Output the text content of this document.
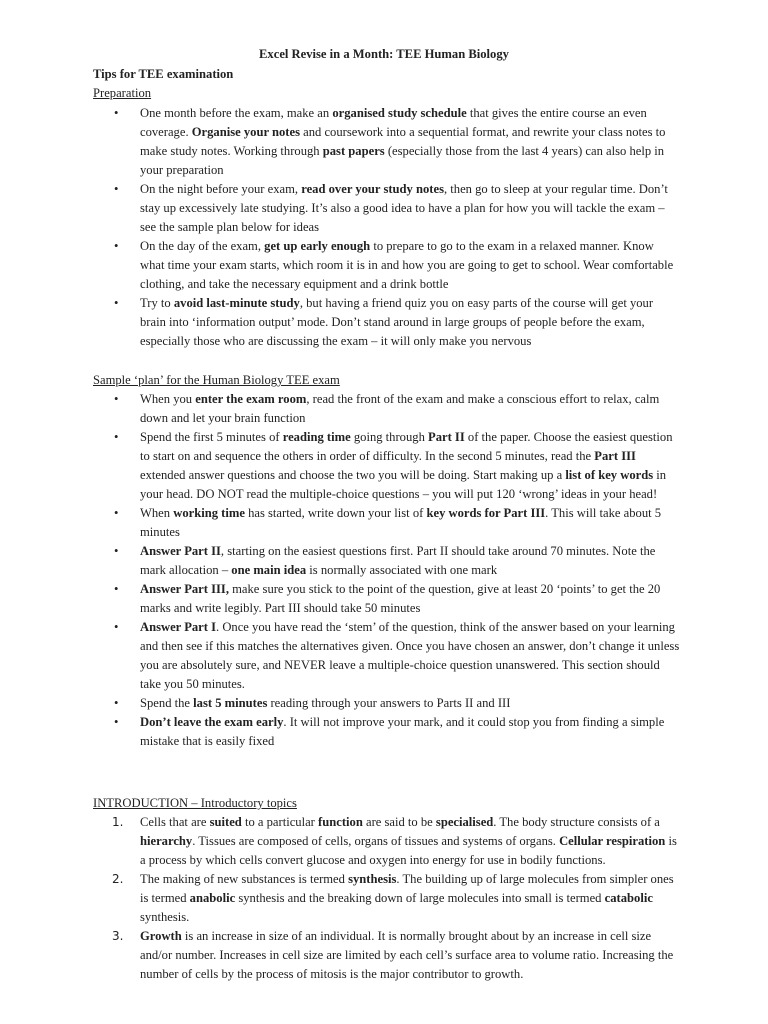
Excel Revise in a Month: TEE Human Biology
Tips for TEE examination
Preparation
• One month before the exam, make an organised study schedule that gives the entire course an even coverage. Organise your notes and coursework into a sequential format, and rewrite your class notes to make study notes. Working through past papers (especially those from the last 4 years) can also help in your preparation
• On the night before your exam, read over your study notes, then go to sleep at your regular time. Don’t stay up excessively late studying. It’s also a good idea to have a plan for how you will tackle the exam – see the sample plan below for ideas
• On the day of the exam, get up early enough to prepare to go to the exam in a relaxed manner. Know what time your exam starts, which room it is in and how you are going to get to school. Wear comfortable clothing, and take the necessary equipment and a drink bottle
• Try to avoid last-minute study, but having a friend quiz you on easy parts of the course will get your brain into ‘information output’ mode. Don’t stand around in large groups of people before the exam, especially those who are discussing the exam – it will only make you nervous
Sample ‘plan’ for the Human Biology TEE exam
• When you enter the exam room, read the front of the exam and make a conscious effort to relax, calm down and let your brain function
• Spend the first 5 minutes of reading time going through Part II of the paper. Choose the easiest question to start on and sequence the others in order of difficulty. In the second 5 minutes, read the Part III extended answer questions and choose the two you will be doing. Start making up a list of key words in your head. DO NOT read the multiple-choice questions – you will put 120 ‘wrong’ ideas in your head!
• When working time has started, write down your list of key words for Part III. This will take about 5 minutes
• Answer Part II, starting on the easiest questions first. Part II should take around 70 minutes. Note the mark allocation – one main idea is normally associated with one mark
• Answer Part III, make sure you stick to the point of the question, give at least 20 ‘points’ to get the 20 marks and write legibly. Part III should take 50 minutes
• Answer Part I. Once you have read the ‘stem’ of the question, think of the answer based on your learning and then see if this matches the alternatives given. Once you have chosen an answer, don’t change it unless you are absolutely sure, and NEVER leave a multiple-choice question unanswered. This section should take you 50 minutes.
• Spend the last 5 minutes reading through your answers to Parts II and III
• Don’t leave the exam early. It will not improve your mark, and it could stop you from finding a simple mistake that is easily fixed
INTRODUCTION – Introductory topics
1. Cells that are suited to a particular function are said to be specialised. The body structure consists of a hierarchy. Tissues are composed of cells, organs of tissues and systems of organs. Cellular respiration is a process by which cells convert glucose and oxygen into energy for use in bodily functions.
2. The making of new substances is termed synthesis. The building up of large molecules from simpler ones is termed anabolic synthesis and the breaking down of large molecules into small is termed catabolic synthesis.
3. Growth is an increase in size of an individual. It is normally brought about by an increase in cell size and/or number. Increases in cell size are limited by each cell’s surface area to volume ratio. Increasing the number of cells by the process of mitosis is the major contributor to growth.
